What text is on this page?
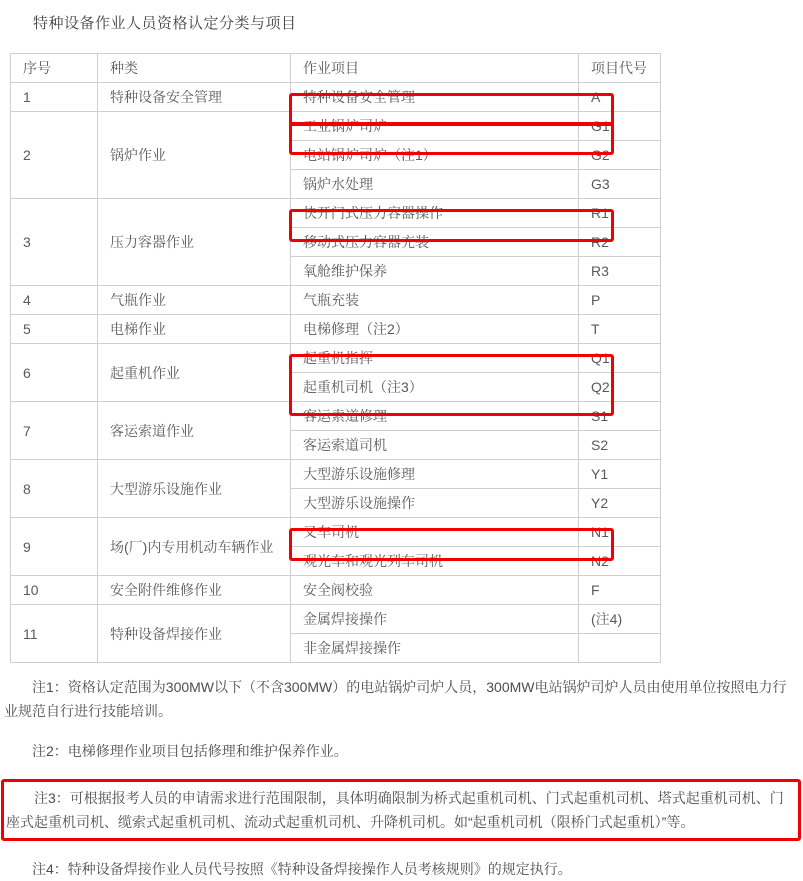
特种设备作业人员资格认定分类与项目

序号	种类	作业项目	项目代号
1	特种设备安全管理	特种设备安全管理	A
2	锅炉作业	工业锅炉司炉	G1
		电站锅炉司炉（注1）	G2
		锅炉水处理	G3
3	压力容器作业	快开门式压力容器操作	R1
		移动式压力容器充装	R2
		氧舱维护保养	R3
4	气瓶作业	气瓶充装	P
5	电梯作业	电梯修理（注2）	T
6	起重机作业	起重机指挥	Q1
		起重机司机（注3）	Q2
7	客运索道作业	客运索道修理	S1
		客运索道司机	S2
8	大型游乐设施作业	大型游乐设施修理	Y1
		大型游乐设施操作	Y2
9	场(厂)内专用机动车辆作业	叉车司机	N1
		观光车和观光列车司机	N2
10	安全附件维修作业	安全阀校验	F
11	特种设备焊接作业	金属焊接操作	(注4)
		非金属焊接操作	

注1：资格认定范围为300MW以下（不含300MW）的电站锅炉司炉人员，300MW电站锅炉司炉人员由使用单位按照电力行业规范自行进行技能培训。

注2：电梯修理作业项目包括修理和维护保养作业。

注3：可根据报考人员的申请需求进行范围限制，具体明确限制为桥式起重机司机、门式起重机司机、塔式起重机司机、门座式起重机司机、缆索式起重机司机、流动式起重机司机、升降机司机。如“起重机司机（限桥门式起重机）”等。

注4：特种设备焊接作业人员代号按照《特种设备焊接操作人员考核规则》的规定执行。
